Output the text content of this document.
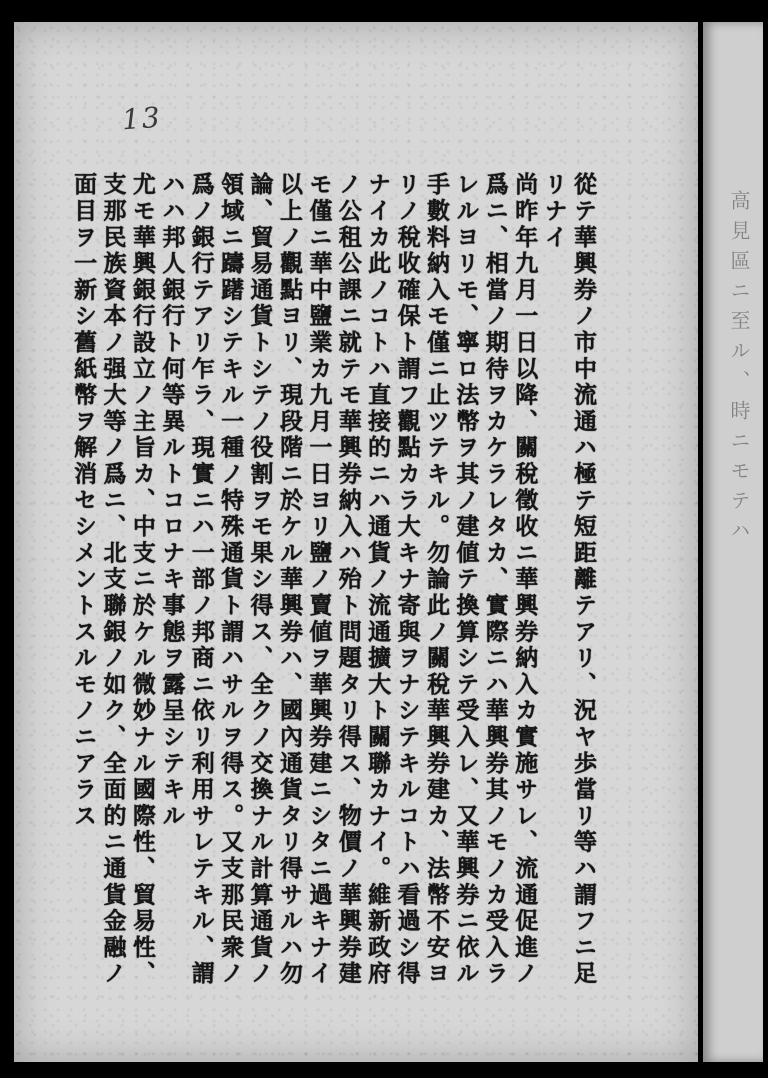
13
從テ華興券ノ市中流通ハ極テ短距離テアリ、況ヤ歩當リ等ハ謂フニ足
リナイ
尚昨年九月一日以降、關稅徵收ニ華興券納入カ實施サレ、流通促進ノ
爲ニ、相當ノ期待ヲカケラレタカ、實際ニハ華興券其ノモノカ受入ラ
レルヨリモ、寧ロ法幣ヲ其ノ建値テ換算シテ受入レ、又華興券ニ依ル
手數料納入モ僅ニ止ツテキル。勿論此ノ關稅華興券建カ、法幣不安ヨ
リノ稅收確保ト謂フ觀點カラ大キナ寄與ヲナシテキルコトハ看過シ得
ナイカ此ノコトハ直接的ニハ通貨ノ流通擴大ト關聯カナイ。維新政府
ノ公租公課ニ就テモ華興券納入ハ殆ト問題タリ得ス、物價ノ華興券建
モ僅ニ華中鹽業カ九月一日ヨリ鹽ノ賣値ヲ華興券建ニシタニ過キナイ
以上ノ觀點ヨリ、現段階ニ於ケル華興券ハ、國內通貨タリ得サルハ勿
論、貿易通貨トシテノ役割ヲモ果シ得ス、全クノ交換ナル計算通貨ノ
領域ニ躊躇シテキル一種ノ特殊通貨ト謂ハサルヲ得ス。又支那民衆ノ
爲ノ銀行テアリ乍ラ、現實ニハ一部ノ邦商ニ依リ利用サレテキル、謂
ハハ邦人銀行ト何等異ルトコロナキ事態ヲ露呈シテキル
尤モ華興銀行設立ノ主旨カ、中支ニ於ケル微妙ナル國際性、貿易性、
支那民族資本ノ强大等ノ爲ニ、北支聯銀ノ如ク、全面的ニ通貨金融ノ
面目ヲ一新シ舊紙幣ヲ解消セシメントスルモノニアラス	高見區ニ至ル、時ニモテハ
